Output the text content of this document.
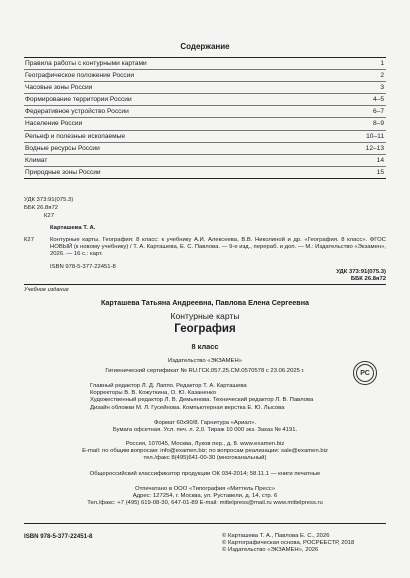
Содержание
Правила работы с контурными картами	1
Географическое положение России	2
Часовые зоны России	3
Формирование территории России	4–5
Федеративное устройство России	6–7
Население России	8–9
Рельеф и полезные ископаемые	10–11
Водные ресурсы России	12–13
Климат	14
Природные зоны России	15
УДК 373:91(075.3)
ББК 26.8я72
К27
Карташева Т. А.
К27	Контурные карты. География: 8 класс: к учебнику А.И. Алексеева, В.В. Николиной и др. «География. 8 класс». ФГОС НОВЫЙ (к новому учебнику) / Т. А. Карташева, Е. С. Павлова. — 9-е изд., перераб. и доп. — М.: Издательство «Экзамен», 2026. — 16 с.: карт.
ISBN 978-5-377-22451-8
УДК 373:91(075.3)
ББК 26.8я72
Учебное издание
Карташева Татьяна Андреевна, Павлова Елена Сергеевна
Контурные карты
География
8 класс
Издательство «ЭКЗАМЕН»
Гигиенический сертификат № RU.ГСК.057.25.СМ.0570578 с 23.06.2025 г.	РС
Главный редактор Л. Д. Лаппо. Редактор Т. А. Карташева
Корректоры В. В. Кожуткина, О. Ю. Казаненко
Художественный редактор Л. В. Демьянова. Технический редактор Л. В. Павлова
Дизайн обложки М. Л. Гусейнова. Компьютерная верстка Е. Ю. Лысова
Формат 60х90/8. Гарнитура «Ариал».
Бумага офсетная. Усл. печ. л. 2,0. Тираж 10 000 экз. Заказ № 4191.
Россия, 107045, Москва, Луков пер., д. 8. www.examen.biz
E-mail: по общим вопросам: info@examen.biz; по вопросам реализации: sale@examen.biz
тел./факс 8(495)641-00-30 (многоканальный)
Общероссийский классификатор продукции ОК 034-2014; 58.11.1 — книги печатные
Отпечатано в ООО «Типография «Миттель Пресс»
Адрес: 127254, г. Москва, ул. Руставели, д. 14, стр. 6
Тел./факс: +7 (495) 619-08-30, 647-01-89 E-mail: mittelpress@mail.ru www.mittelpress.ru
ISBN 978-5-377-22451-8	© Карташева Т. А., Павлова Е. С., 2026
© Картографическая основа, РОСРЕЕСТР, 2018
© Издательство «ЭКЗАМЕН», 2026
